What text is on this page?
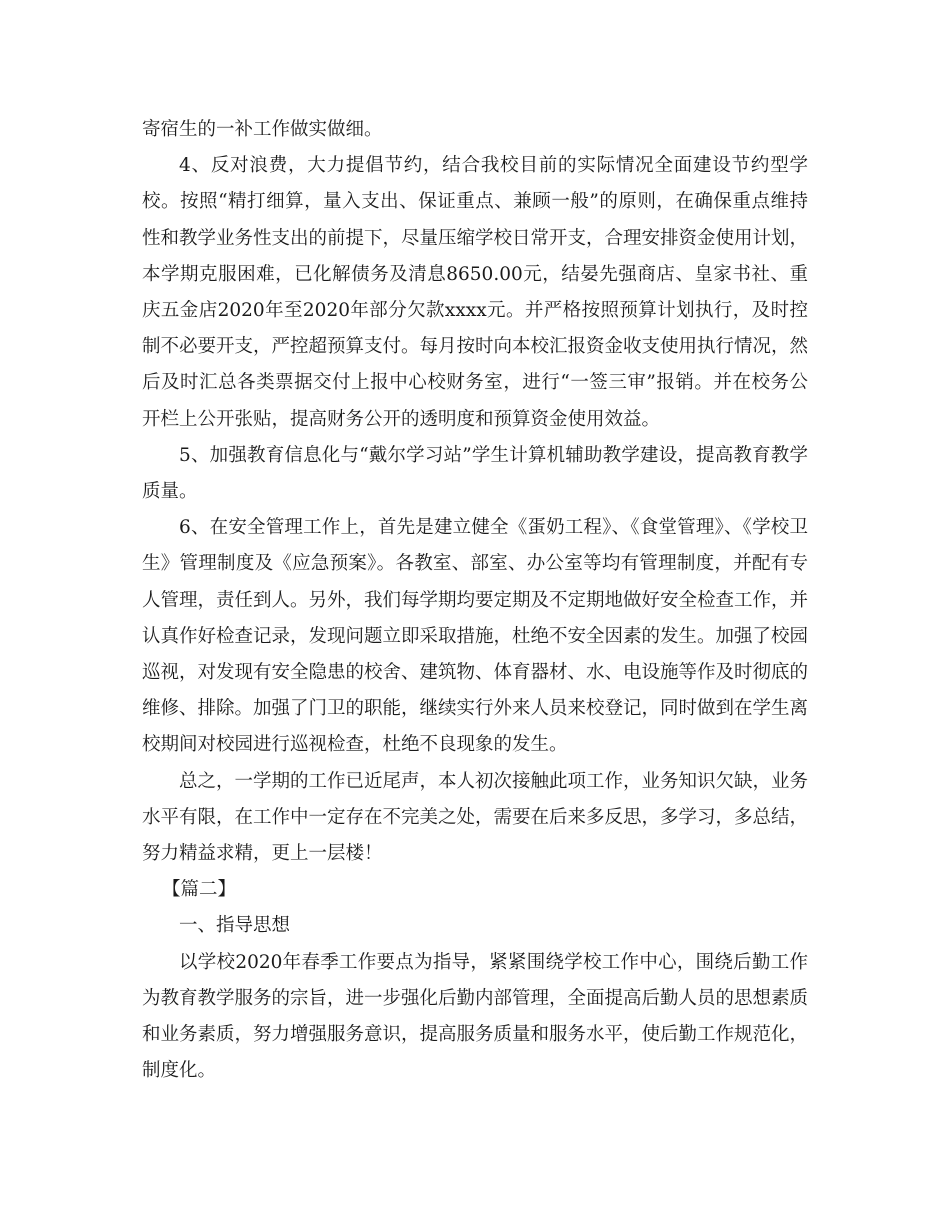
寄宿生的一补工作做实做细。

4、反对浪费，大力提倡节约，结合我校目前的实际情况全面建设节约型学校。按照“精打细算，量入支出、保证重点、兼顾一般”的原则，在确保重点维持性和教学业务性支出的前提下，尽量压缩学校日常开支，合理安排资金使用计划，本学期克服困难，已化解债务及清息8650.00元，结晏先强商店、皇家书社、重庆五金店2020年至2020年部分欠款xxxx元。并严格按照预算计划执行，及时控制不必要开支，严控超预算支付。每月按时向本校汇报资金收支使用执行情况，然后及时汇总各类票据交付上报中心校财务室，进行“一签三审”报销。并在校务公开栏上公开张贴，提高财务公开的透明度和预算资金使用效益。

5、加强教育信息化与“戴尔学习站”学生计算机辅助教学建设，提高教育教学质量。

6、在安全管理工作上，首先是建立健全《蛋奶工程》、《食堂管理》、《学校卫生》管理制度及《应急预案》。各教室、部室、办公室等均有管理制度，并配有专人管理，责任到人。另外，我们每学期均要定期及不定期地做好安全检查工作，并认真作好检查记录，发现问题立即采取措施，杜绝不安全因素的发生。加强了校园巡视，对发现有安全隐患的校舍、建筑物、体育器材、水、电设施等作及时彻底的维修、排除。加强了门卫的职能，继续实行外来人员来校登记，同时做到在学生离校期间对校园进行巡视检查，杜绝不良现象的发生。

总之，一学期的工作已近尾声，本人初次接触此项工作，业务知识欠缺，业务水平有限，在工作中一定存在不完美之处，需要在后来多反思，多学习，多总结，努力精益求精，更上一层楼！

【篇二】

一、指导思想

以学校2020年春季工作要点为指导，紧紧围绕学校工作中心，围绕后勤工作为教育教学服务的宗旨，进一步强化后勤内部管理，全面提高后勤人员的思想素质和业务素质，努力增强服务意识，提高服务质量和服务水平，使后勤工作规范化，制度化。
